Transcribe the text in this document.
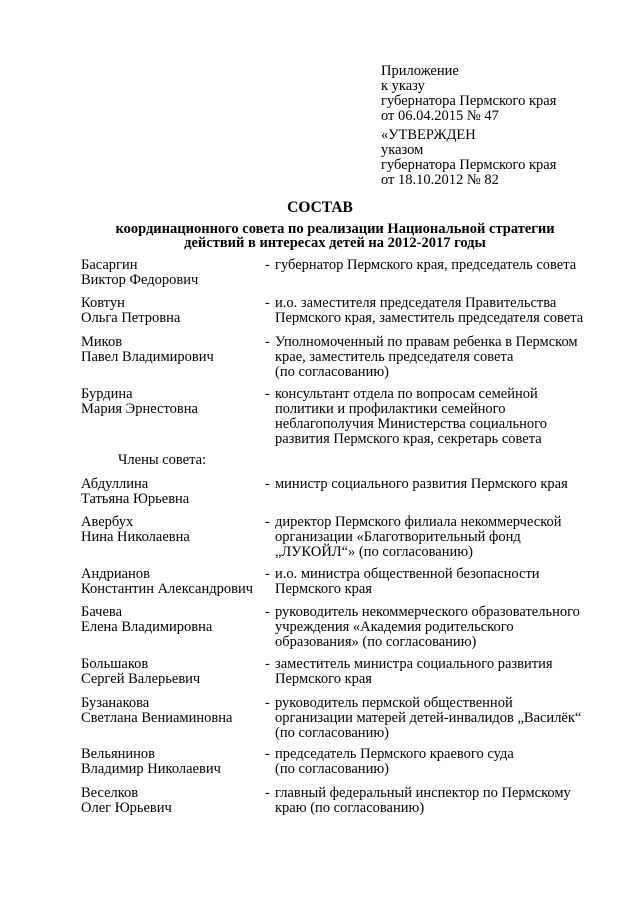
Приложение
к указу
губернатора Пермского края
от 06.04.2015 № 47
«УТВЕРЖДЕН
указом
губернатора Пермского края
от 18.10.2012 № 82
СОСТАВ
координационного совета по реализации Национальной стратегии
действий в интересах детей на 2012-2017 годы
Басаргин
Виктор Федорович
- губернатор Пермского края, председатель совета
Ковтун
Ольга Петровна
- и.о. заместителя председателя Правительства
Пермского края, заместитель председателя совета
Миков
Павел Владимирович
- Уполномоченный по правам ребенка в Пермском
крае, заместитель председателя совета
(по согласованию)
Бурдина
Мария Эрнестовна
- консультант отдела по вопросам семейной
политики и профилактики семейного
неблагополучия Министерства социального
развития Пермского края, секретарь совета
Абдуллина
Татьяна Юрьевна
- министр социального развития Пермского края
Авербух
Нина Николаевна
- директор Пермского филиала некоммерческой
организации «Благотворительный фонд
„ЛУКОЙЛ“» (по согласованию)
Андрианов
Константин Александрович
- и.о. министра общественной безопасности
Пермского края
Бачева
Елена Владимировна
- руководитель некоммерческого образовательного
учреждения «Академия родительского
образования» (по согласованию)
Большаков
Сергей Валерьевич
- заместитель министра социального развития
Пермского края
Бузанакова
Светлана Вениаминовна
- руководитель пермской общественной
организации матерей детей-инвалидов „Василёк“
(по согласованию)
Вельянинов
Владимир Николаевич
- председатель Пермского краевого суда
(по согласованию)
Веселков
Олег Юрьевич
- главный федеральный инспектор по Пермскому
краю (по согласованию)
Члены совета:
